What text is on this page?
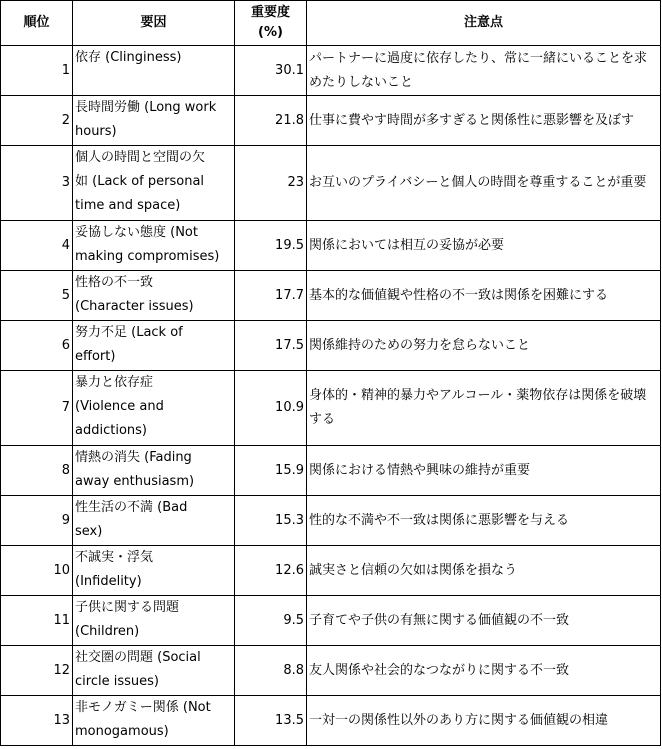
順位	要因	重要度
(%)	注意点
1	依存 (Clinginess)	30.1	パートナーに過度に依存したり、常に一緒にいることを求めたりしないこと
2	長時間労働 (Long work
hours)	21.8	仕事に費やす時間が多すぎると関係性に悪影響を及ぼす
3	個人の時間と空間の欠
如 (Lack of personal
time and space)	23	お互いのプライバシーと個人の時間を尊重することが重要
4	妥協しない態度 (Not
making compromises)	19.5	関係においては相互の妥協が必要
5	性格の不一致
(Character issues)	17.7	基本的な価値観や性格の不一致は関係を困難にする
6	努力不足 (Lack of
effort)	17.5	関係維持のための努力を怠らないこと
7	暴力と依存症
(Violence and
addictions)	10.9	身体的・精神的暴力やアルコール・薬物依存は関係を破壊する
8	情熱の消失 (Fading
away enthusiasm)	15.9	関係における情熱や興味の維持が重要
9	性生活の不満 (Bad
sex)	15.3	性的な不満や不一致は関係に悪影響を与える
10	不誠実・浮気
(Infidelity)	12.6	誠実さと信頼の欠如は関係を損なう
11	子供に関する問題
(Children)	9.5	子育てや子供の有無に関する価値観の不一致
12	社交圏の問題 (Social
circle issues)	8.8	友人関係や社会的なつながりに関する不一致
13	非モノガミー関係 (Not
monogamous)	13.5	一対一の関係性以外のあり方に関する価値観の相違
